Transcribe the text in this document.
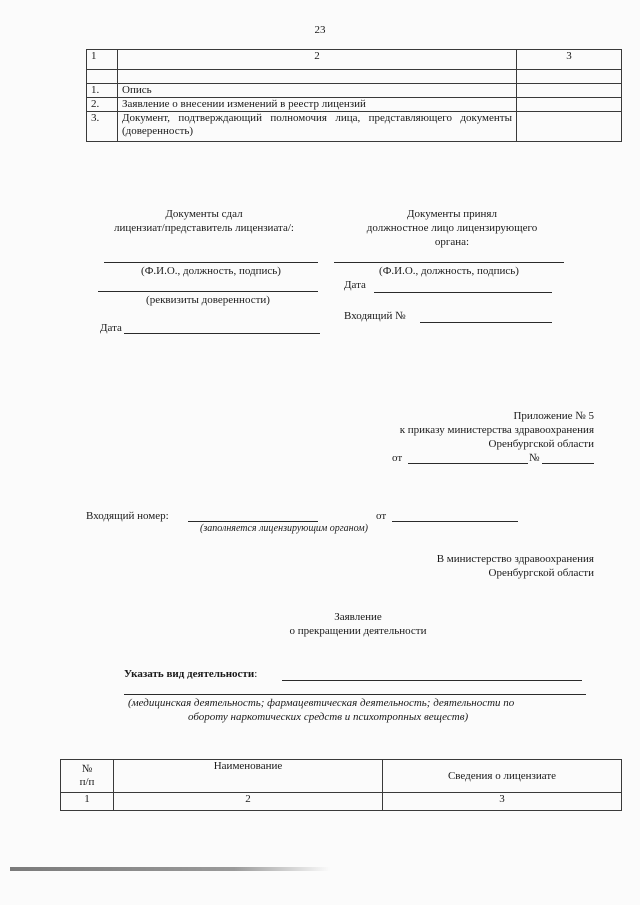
23
1	2	3

1.	Опись	
2.	Заявление о внесении изменений в реестр лицензий	
3.	Документ, подтверждающий полномочия лица, представляющего документы (доверенность)	
Документы сдал
лицензиат/представитель лицензиата/:
(Ф.И.О., должность, подпись)
(реквизиты доверенности)
Дата
Документы принял
должностное лицо лицензирующего
органа:
(Ф.И.О., должность, подпись)
Дата
Входящий №
Приложение № 5
к приказу министерства здравоохранения
Оренбургской области
от	№
Входящий номер:	от
(заполняется лицензирующим органом)
В министерство здравоохранения
Оренбургской области
Заявление
о прекращении деятельности
Указать вид деятельности:
(медицинская деятельность; фармацевтическая деятельность; деятельности по
обороту наркотических средств и психотропных веществ)
№
п/п	Наименование	Сведения о лицензиате
1	2	3
